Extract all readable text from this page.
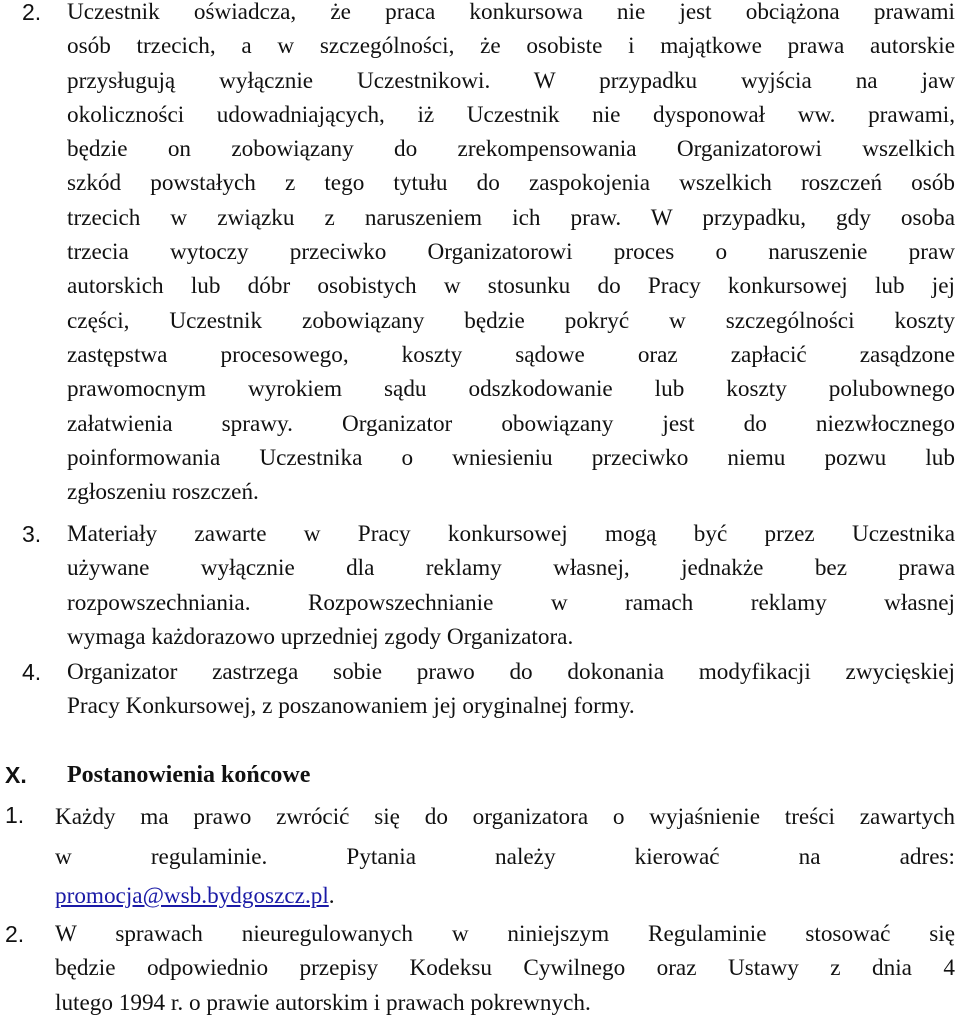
2. Uczestnik oświadcza, że praca konkursowa nie jest obciążona prawami
osób trzecich, a w szczególności, że osobiste i majątkowe prawa autorskie
przysługują wyłącznie Uczestnikowi. W przypadku wyjścia na jaw
okoliczności udowadniających, iż Uczestnik nie dysponował ww. prawami,
będzie on zobowiązany do zrekompensowania Organizatorowi wszelkich
szkód powstałych z tego tytułu do zaspokojenia wszelkich roszczeń osób
trzecich w związku z naruszeniem ich praw. W przypadku, gdy osoba
trzecia wytoczy przeciwko Organizatorowi proces o naruszenie praw
autorskich lub dóbr osobistych w stosunku do Pracy konkursowej lub jej
części, Uczestnik zobowiązany będzie pokryć w szczególności koszty
zastępstwa procesowego, koszty sądowe oraz zapłacić zasądzone
prawomocnym wyrokiem sądu odszkodowanie lub koszty polubownego
załatwienia sprawy. Organizator obowiązany jest do niezwłocznego
poinformowania Uczestnika o wniesieniu przeciwko niemu pozwu lub
zgłoszeniu roszczeń.
3. Materiały zawarte w Pracy konkursowej mogą być przez Uczestnika
używane wyłącznie dla reklamy własnej, jednakże bez prawa
rozpowszechniania. Rozpowszechnianie w ramach reklamy własnej
wymaga każdorazowo uprzedniej zgody Organizatora.
4. Organizator zastrzega sobie prawo do dokonania modyfikacji zwycięskiej
Pracy Konkursowej, z poszanowaniem jej oryginalnej formy.
X. Postanowienia końcowe
1. Każdy ma prawo zwrócić się do organizatora o wyjaśnienie treści zawartych
w regulaminie. Pytania należy kierować na adres:
promocja@wsb.bydgoszcz.pl.
2. W sprawach nieuregulowanych w niniejszym Regulaminie stosować się
będzie odpowiednio przepisy Kodeksu Cywilnego oraz Ustawy z dnia 4
lutego 1994 r. o prawie autorskim i prawach pokrewnych.
